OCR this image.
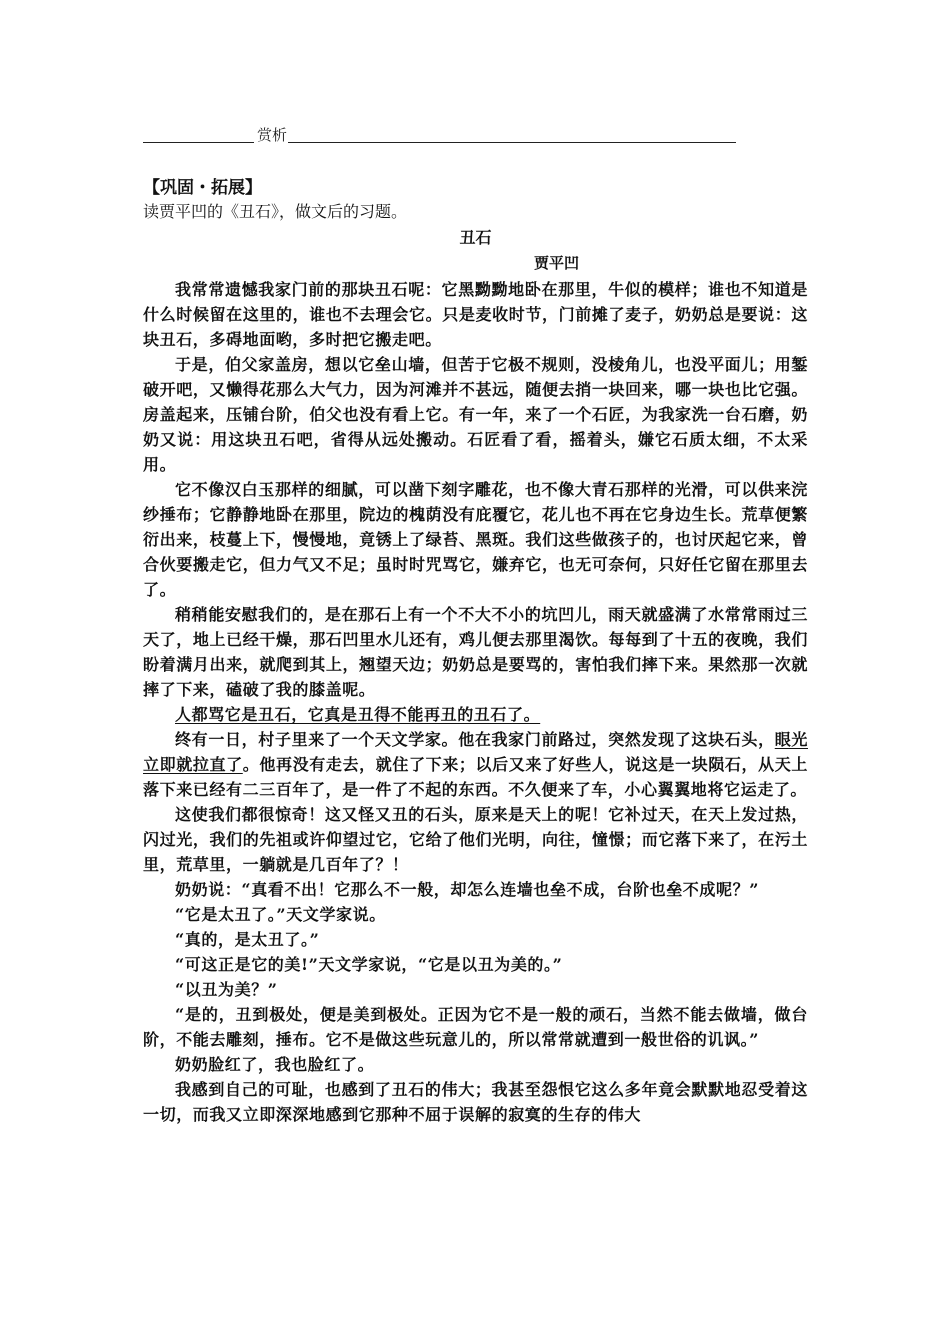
赏析
【巩固・拓展】
读贾平凹的《丑石》，做文后的习题。
丑石
贾平凹

我常常遗憾我家门前的那块丑石呢：它黑黝黝地卧在那里，牛似的模样；谁也不知道是什么时候留在这里的，谁也不去理会它。只是麦收时节，门前摊了麦子，奶奶总是要说：这块丑石，多碍地面哟，多时把它搬走吧。

于是，伯父家盖房，想以它垒山墙，但苦于它极不规则，没棱角儿，也没平面儿；用錾破开吧，又懒得花那么大气力，因为河滩并不甚远，随便去捎一块回来，哪一块也比它强。房盖起来，压铺台阶，伯父也没有看上它。有一年，来了一个石匠，为我家洗一台石磨，奶奶又说：用这块丑石吧，省得从远处搬动。石匠看了看，摇着头，嫌它石质太细，不太采用。

它不像汉白玉那样的细腻，可以凿下刻字雕花，也不像大青石那样的光滑，可以供来浣纱捶布；它静静地卧在那里，院边的槐荫没有庇覆它，花儿也不再在它身边生长。荒草便繁衍出来，枝蔓上下，慢慢地，竟锈上了绿苔、黑斑。我们这些做孩子的，也讨厌起它来，曾合伙要搬走它，但力气又不足；虽时时咒骂它，嫌弃它，也无可奈何，只好任它留在那里去了。

稍稍能安慰我们的，是在那石上有一个不大不小的坑凹儿，雨天就盛满了水常常雨过三天了，地上已经干燥，那石凹里水儿还有，鸡儿便去那里渴饮。每每到了十五的夜晚，我们盼着满月出来，就爬到其上，翘望天边；奶奶总是要骂的，害怕我们摔下来。果然那一次就摔了下来，磕破了我的膝盖呢。

人都骂它是丑石，它真是丑得不能再丑的丑石了。

终有一日，村子里来了一个天文学家。他在我家门前路过，突然发现了这块石头，眼光立即就拉直了。他再没有走去，就住了下来；以后又来了好些人，说这是一块陨石，从天上落下来已经有二三百年了，是一件了不起的东西。不久便来了车，小心翼翼地将它运走了。

这使我们都很惊奇！这又怪又丑的石头，原来是天上的呢！它补过天，在天上发过热，闪过光，我们的先祖或许仰望过它，它给了他们光明，向往，憧憬；而它落下来了，在污土里，荒草里，一躺就是几百年了？！

奶奶说：“真看不出！它那么不一般，却怎么连墙也垒不成，台阶也垒不成呢？”

“它是太丑了。”天文学家说。

“真的，是太丑了。”

“可这正是它的美!”天文学家说，“它是以丑为美的。”

“以丑为美？”

“是的，丑到极处，便是美到极处。正因为它不是一般的顽石，当然不能去做墙，做台阶，不能去雕刻，捶布。它不是做这些玩意儿的，所以常常就遭到一般世俗的讥讽。”

奶奶脸红了，我也脸红了。

我感到自己的可耻，也感到了丑石的伟大；我甚至怨恨它这么多年竟会默默地忍受着这一切，而我又立即深深地感到它那种不屈于误解的寂寞的生存的伟大
